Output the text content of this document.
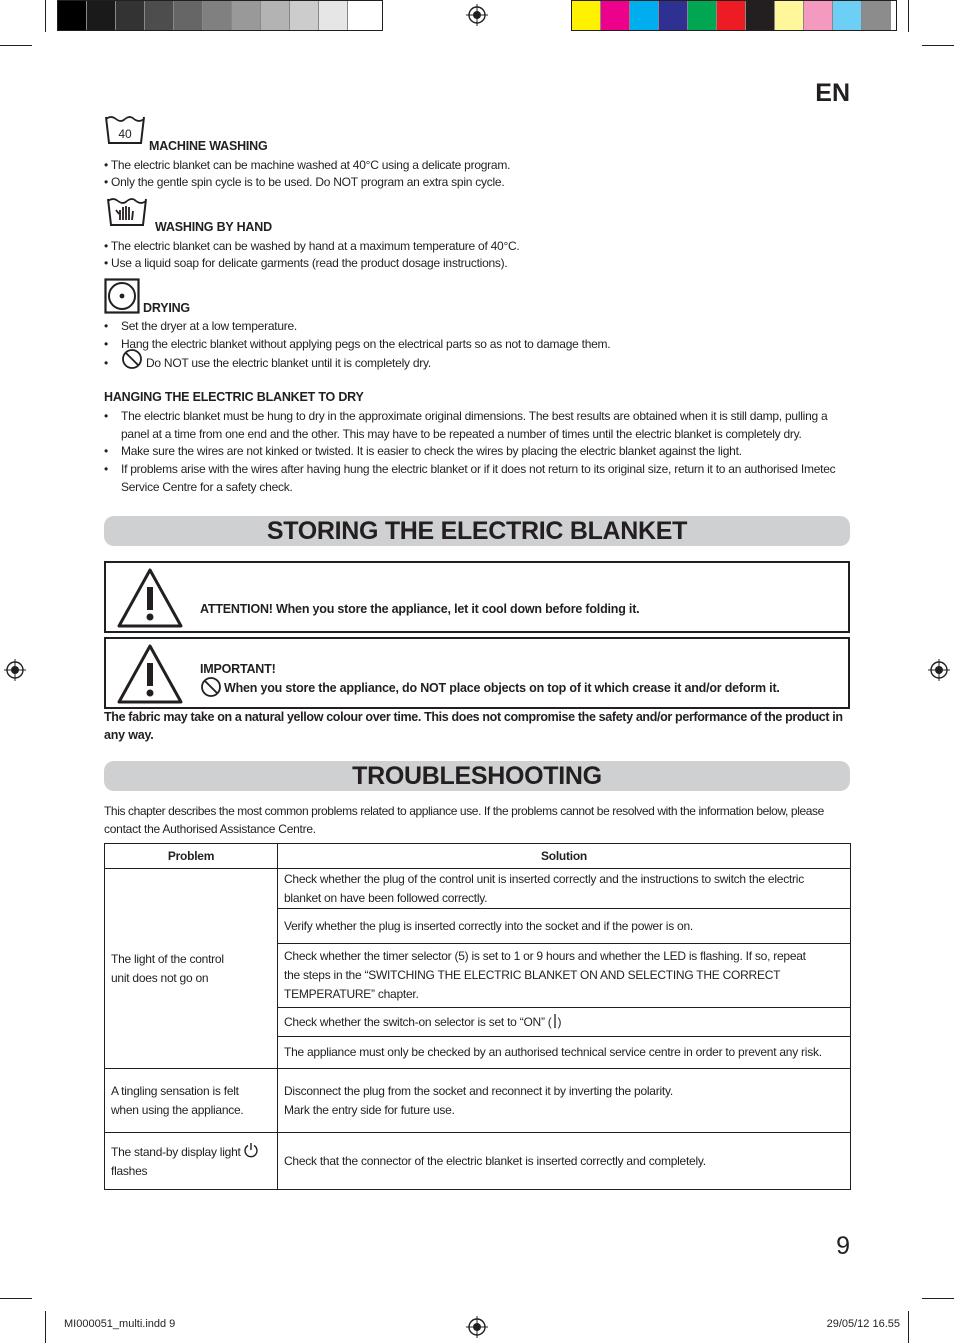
EN
40
MACHINE WASHING
• The electric blanket can be machine washed at 40°C using a delicate program.
• Only the gentle spin cycle is to be used. Do NOT program an extra spin cycle.
WASHING BY HAND
• The electric blanket can be washed by hand at a maximum temperature of 40°C.
• Use a liquid soap for delicate garments (read the product dosage instructions).
DRYING
• Set the dryer at a low temperature.
• Hang the electric blanket without applying pegs on the electrical parts so as not to damage them.
•	Do NOT use the electric blanket until it is completely dry.
HANGING THE ELECTRIC BLANKET TO DRY
• The electric blanket must be hung to dry in the approximate original dimensions. The best results are obtained when it is still damp, pulling a
panel at a time from one end and the other. This may have to be repeated a number of times until the electric blanket is completely dry.
• Make sure the wires are not kinked or twisted. It is easier to check the wires by placing the electric blanket against the light.
• If problems arise with the wires after having hung the electric blanket or if it does not return to its original size, return it to an authorised Imetec
Service Centre for a safety check.
STORING THE ELECTRIC BLANKET
ATTENTION! When you store the appliance, let it cool down before folding it.
IMPORTANT!
When you store the appliance, do NOT place objects on top of it which crease it and/or deform it.
The fabric may take on a natural yellow colour over time. This does not compromise the safety and/or performance of the product in
any way.
TROUBLESHOOTING
This chapter describes the most common problems related to appliance use. If the problems cannot be resolved with the information below, please
contact the Authorised Assistance Centre.
Problem	Solution
The light of the control
unit does not go on	Check whether the plug of the control unit is inserted correctly and the instructions to switch the electric
blanket on have been followed correctly.
	Verify whether the plug is inserted correctly into the socket and if the power is on.
	Check whether the timer selector (5) is set to 1 or 9 hours and whether the LED is flashing. If so, repeat
the steps in the “SWITCHING THE ELECTRIC BLANKET ON AND SELECTING THE CORRECT
TEMPERATURE” chapter.
	Check whether the switch-on selector is set to “ON” ( )
	The appliance must only be checked by an authorised technical service centre in order to prevent any risk.
A tingling sensation is felt
when using the appliance.	Disconnect the plug from the socket and reconnect it by inverting the polarity.
Mark the entry side for future use.
The stand-by display light
flashes	Check that the connector of the electric blanket is inserted correctly and completely.
9
MI000051_multi.indd 9	29/05/12 16.55
